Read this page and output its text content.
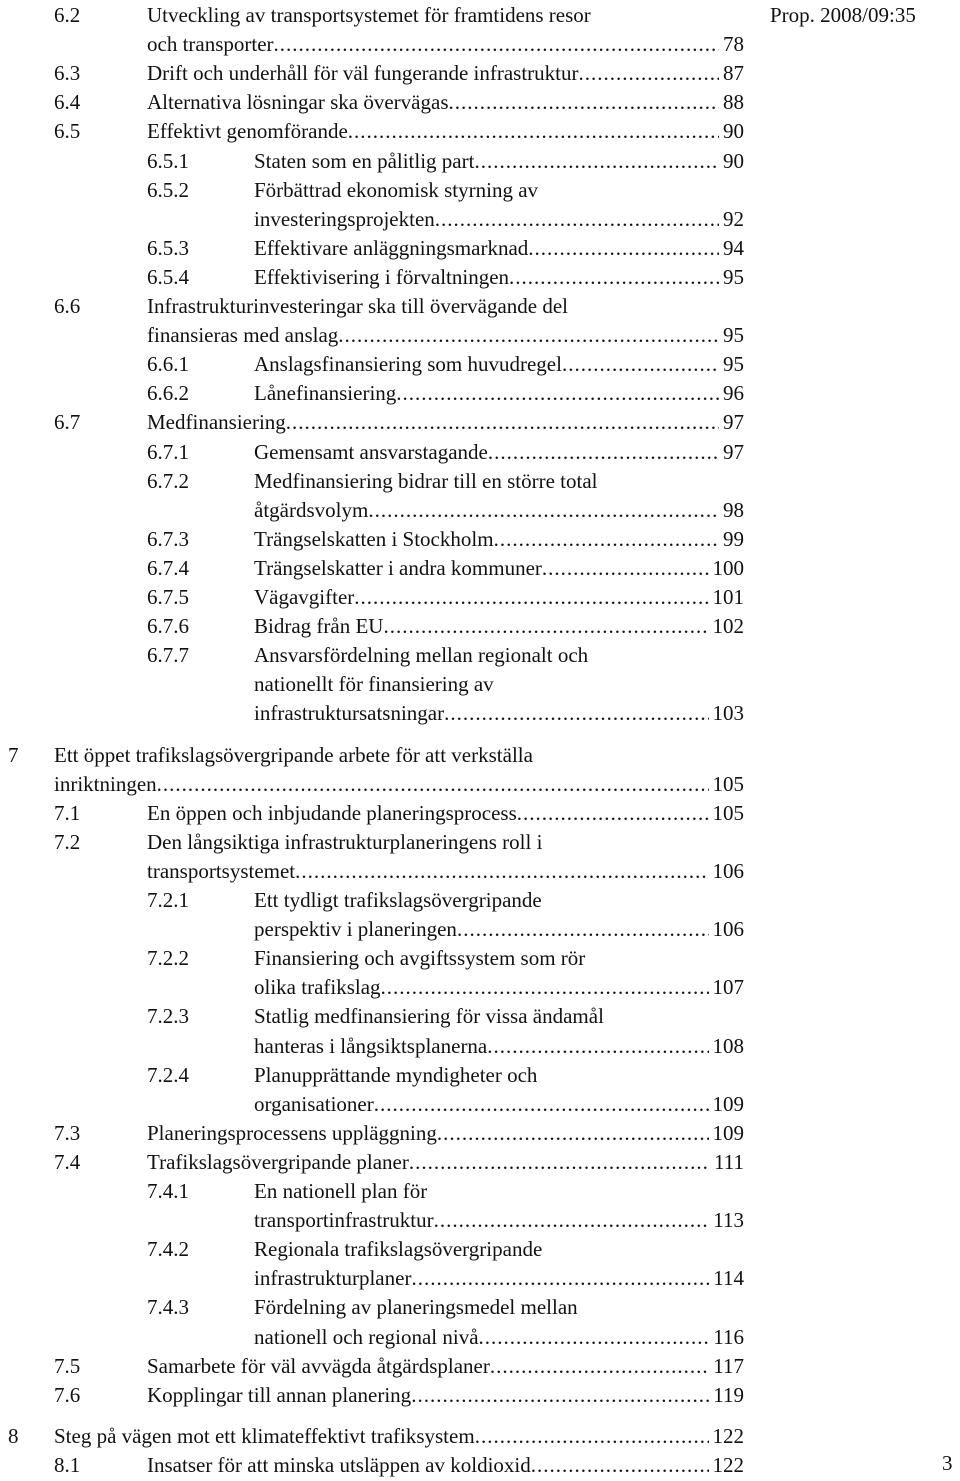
Prop. 2008/09:35
6.2	Utveckling av transportsystemet för framtidens resor
och transporter .....	78
6.3	Drift och underhåll för väl fungerande infrastruktur .....	87
6.4	Alternativa lösningar ska övervägas .....	88
6.5	Effektivt genomförande .....	90
6.5.1	Staten som en pålitlig part .....	90
6.5.2	Förbättrad ekonomisk styrning av
investeringsprojekten .....	92
6.5.3	Effektivare anläggningsmarknad .....	94
6.5.4	Effektivisering i förvaltningen .....	95
6.6	Infrastrukturinvesteringar ska till övervägande del
finansieras med anslag .....	95
6.6.1	Anslagsfinansiering som huvudregel .....	95
6.6.2	Lånefinansiering .....	96
6.7	Medfinansiering .....	97
6.7.1	Gemensamt ansvarstagande .....	97
6.7.2	Medfinansiering bidrar till en större total
åtgärdsvolym .....	98
6.7.3	Trängselskatten i Stockholm .....	99
6.7.4	Trängselskatter i andra kommuner .....	100
6.7.5	Vägavgifter .....	101
6.7.6	Bidrag från EU .....	102
6.7.7	Ansvarsfördelning mellan regionalt och
nationellt för finansiering av
infrastruktursatsningar .....	103
7 Ett öppet trafikslagsövergripande arbete för att verkställa
inriktningen .....	105
7.1	En öppen och inbjudande planeringsprocess .....	105
7.2	Den långsiktiga infrastrukturplaneringens roll i
transportsystemet .....	106
7.2.1	Ett tydligt trafikslagsövergripande
perspektiv i planeringen .....	106
7.2.2	Finansiering och avgiftssystem som rör
olika trafikslag .....	107
7.2.3	Statlig medfinansiering för vissa ändamål
hanteras i långsiktsplanerna .....	108
7.2.4	Planupprättande myndigheter och
organisationer .....	109
7.3	Planeringsprocessens uppläggning .....	109
7.4	Trafikslagsövergripande planer .....	111
7.4.1	En nationell plan för
transportinfrastruktur .....	113
7.4.2	Regionala trafikslagsövergripande
infrastrukturplaner .....	114
7.4.3	Fördelning av planeringsmedel mellan
nationell och regional nivå .....	116
7.5	Samarbete för väl avvägda åtgärdsplaner .....	117
7.6	Kopplingar till annan planering .....	119
8 Steg på vägen mot ett klimateffektivt trafiksystem .....	122
8.1	Insatser för att minska utsläppen av koldioxid .....	122	3
